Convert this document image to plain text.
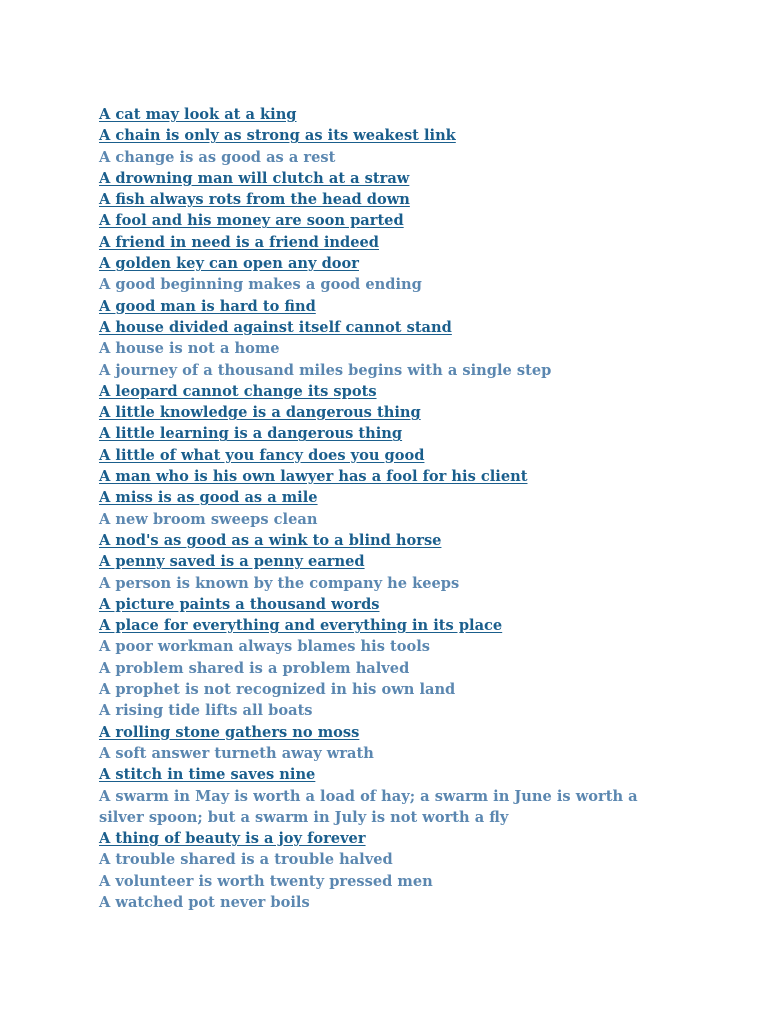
A cat may look at a king
A chain is only as strong as its weakest link
A change is as good as a rest
A drowning man will clutch at a straw
A fish always rots from the head down
A fool and his money are soon parted
A friend in need is a friend indeed
A golden key can open any door
A good beginning makes a good ending
A good man is hard to find
A house divided against itself cannot stand
A house is not a home
A journey of a thousand miles begins with a single step
A leopard cannot change its spots
A little knowledge is a dangerous thing
A little learning is a dangerous thing
A little of what you fancy does you good
A man who is his own lawyer has a fool for his client
A miss is as good as a mile
A new broom sweeps clean
A nod's as good as a wink to a blind horse
A penny saved is a penny earned
A person is known by the company he keeps
A picture paints a thousand words
A place for everything and everything in its place
A poor workman always blames his tools
A problem shared is a problem halved
A prophet is not recognized in his own land
A rising tide lifts all boats
A rolling stone gathers no moss
A soft answer turneth away wrath
A stitch in time saves nine
A swarm in May is worth a load of hay; a swarm in June is worth a silver spoon; but a swarm in July is not worth a fly
A thing of beauty is a joy forever
A trouble shared is a trouble halved
A volunteer is worth twenty pressed men
A watched pot never boils
